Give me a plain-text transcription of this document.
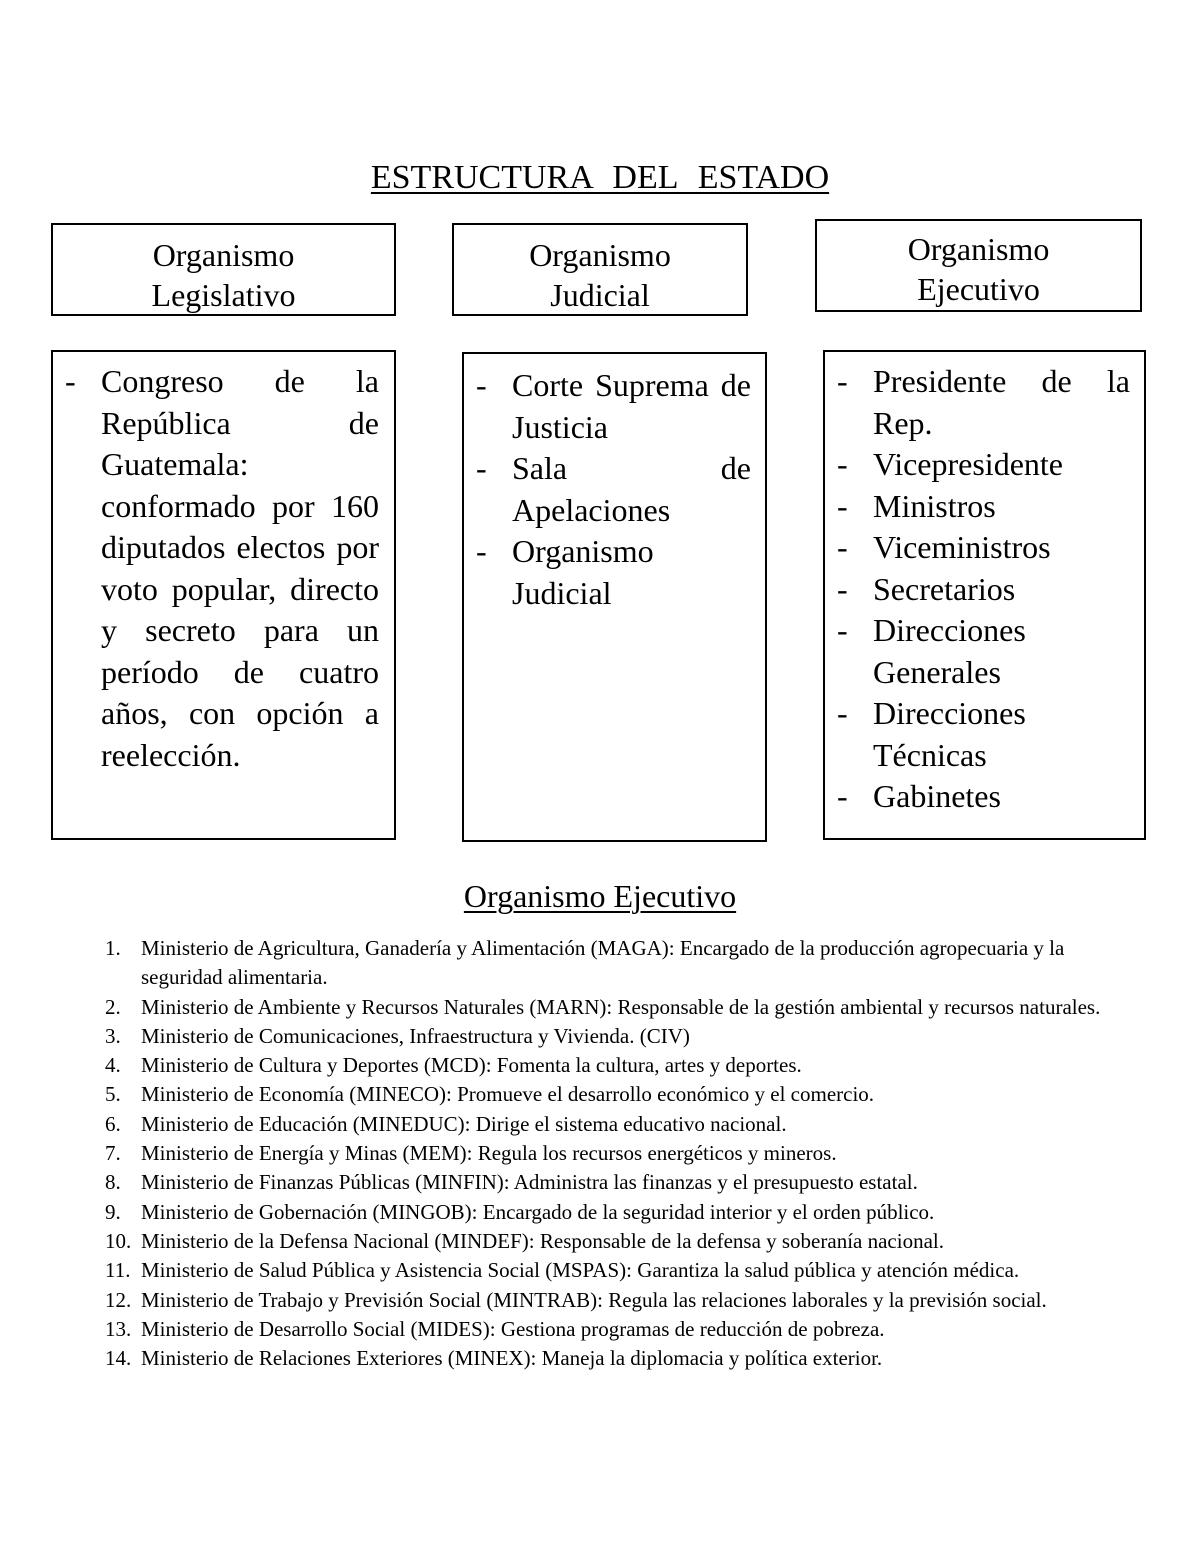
ESTRUCTURA DEL ESTADO
Organismo
Legislativo
Organismo
Judicial
Organismo
Ejecutivo
- Congreso de la República de Guatemala: conformado por 160 diputados electos por voto popular, directo y secreto para un período de cuatro años, con opción a reelección.
- Corte Suprema de Justicia
- Sala de Apelaciones
- Organismo Judicial
- Presidente de la Rep.
- Vicepresidente
- Ministros
- Viceministros
- Secretarios
- Direcciones Generales
- Direcciones Técnicas
- Gabinetes
Organismo Ejecutivo
1. Ministerio de Agricultura, Ganadería y Alimentación (MAGA): Encargado de la producción agropecuaria y la seguridad alimentaria.
2. Ministerio de Ambiente y Recursos Naturales (MARN): Responsable de la gestión ambiental y recursos naturales.
3. Ministerio de Comunicaciones, Infraestructura y Vivienda. (CIV)
4. Ministerio de Cultura y Deportes (MCD): Fomenta la cultura, artes y deportes.
5. Ministerio de Economía (MINECO): Promueve el desarrollo económico y el comercio.
6. Ministerio de Educación (MINEDUC): Dirige el sistema educativo nacional.
7. Ministerio de Energía y Minas (MEM): Regula los recursos energéticos y mineros.
8. Ministerio de Finanzas Públicas (MINFIN): Administra las finanzas y el presupuesto estatal.
9. Ministerio de Gobernación (MINGOB): Encargado de la seguridad interior y el orden público.
10. Ministerio de la Defensa Nacional (MINDEF): Responsable de la defensa y soberanía nacional.
11. Ministerio de Salud Pública y Asistencia Social (MSPAS): Garantiza la salud pública y atención médica.
12. Ministerio de Trabajo y Previsión Social (MINTRAB): Regula las relaciones laborales y la previsión social.
13. Ministerio de Desarrollo Social (MIDES): Gestiona programas de reducción de pobreza.
14. Ministerio de Relaciones Exteriores (MINEX): Maneja la diplomacia y política exterior.
